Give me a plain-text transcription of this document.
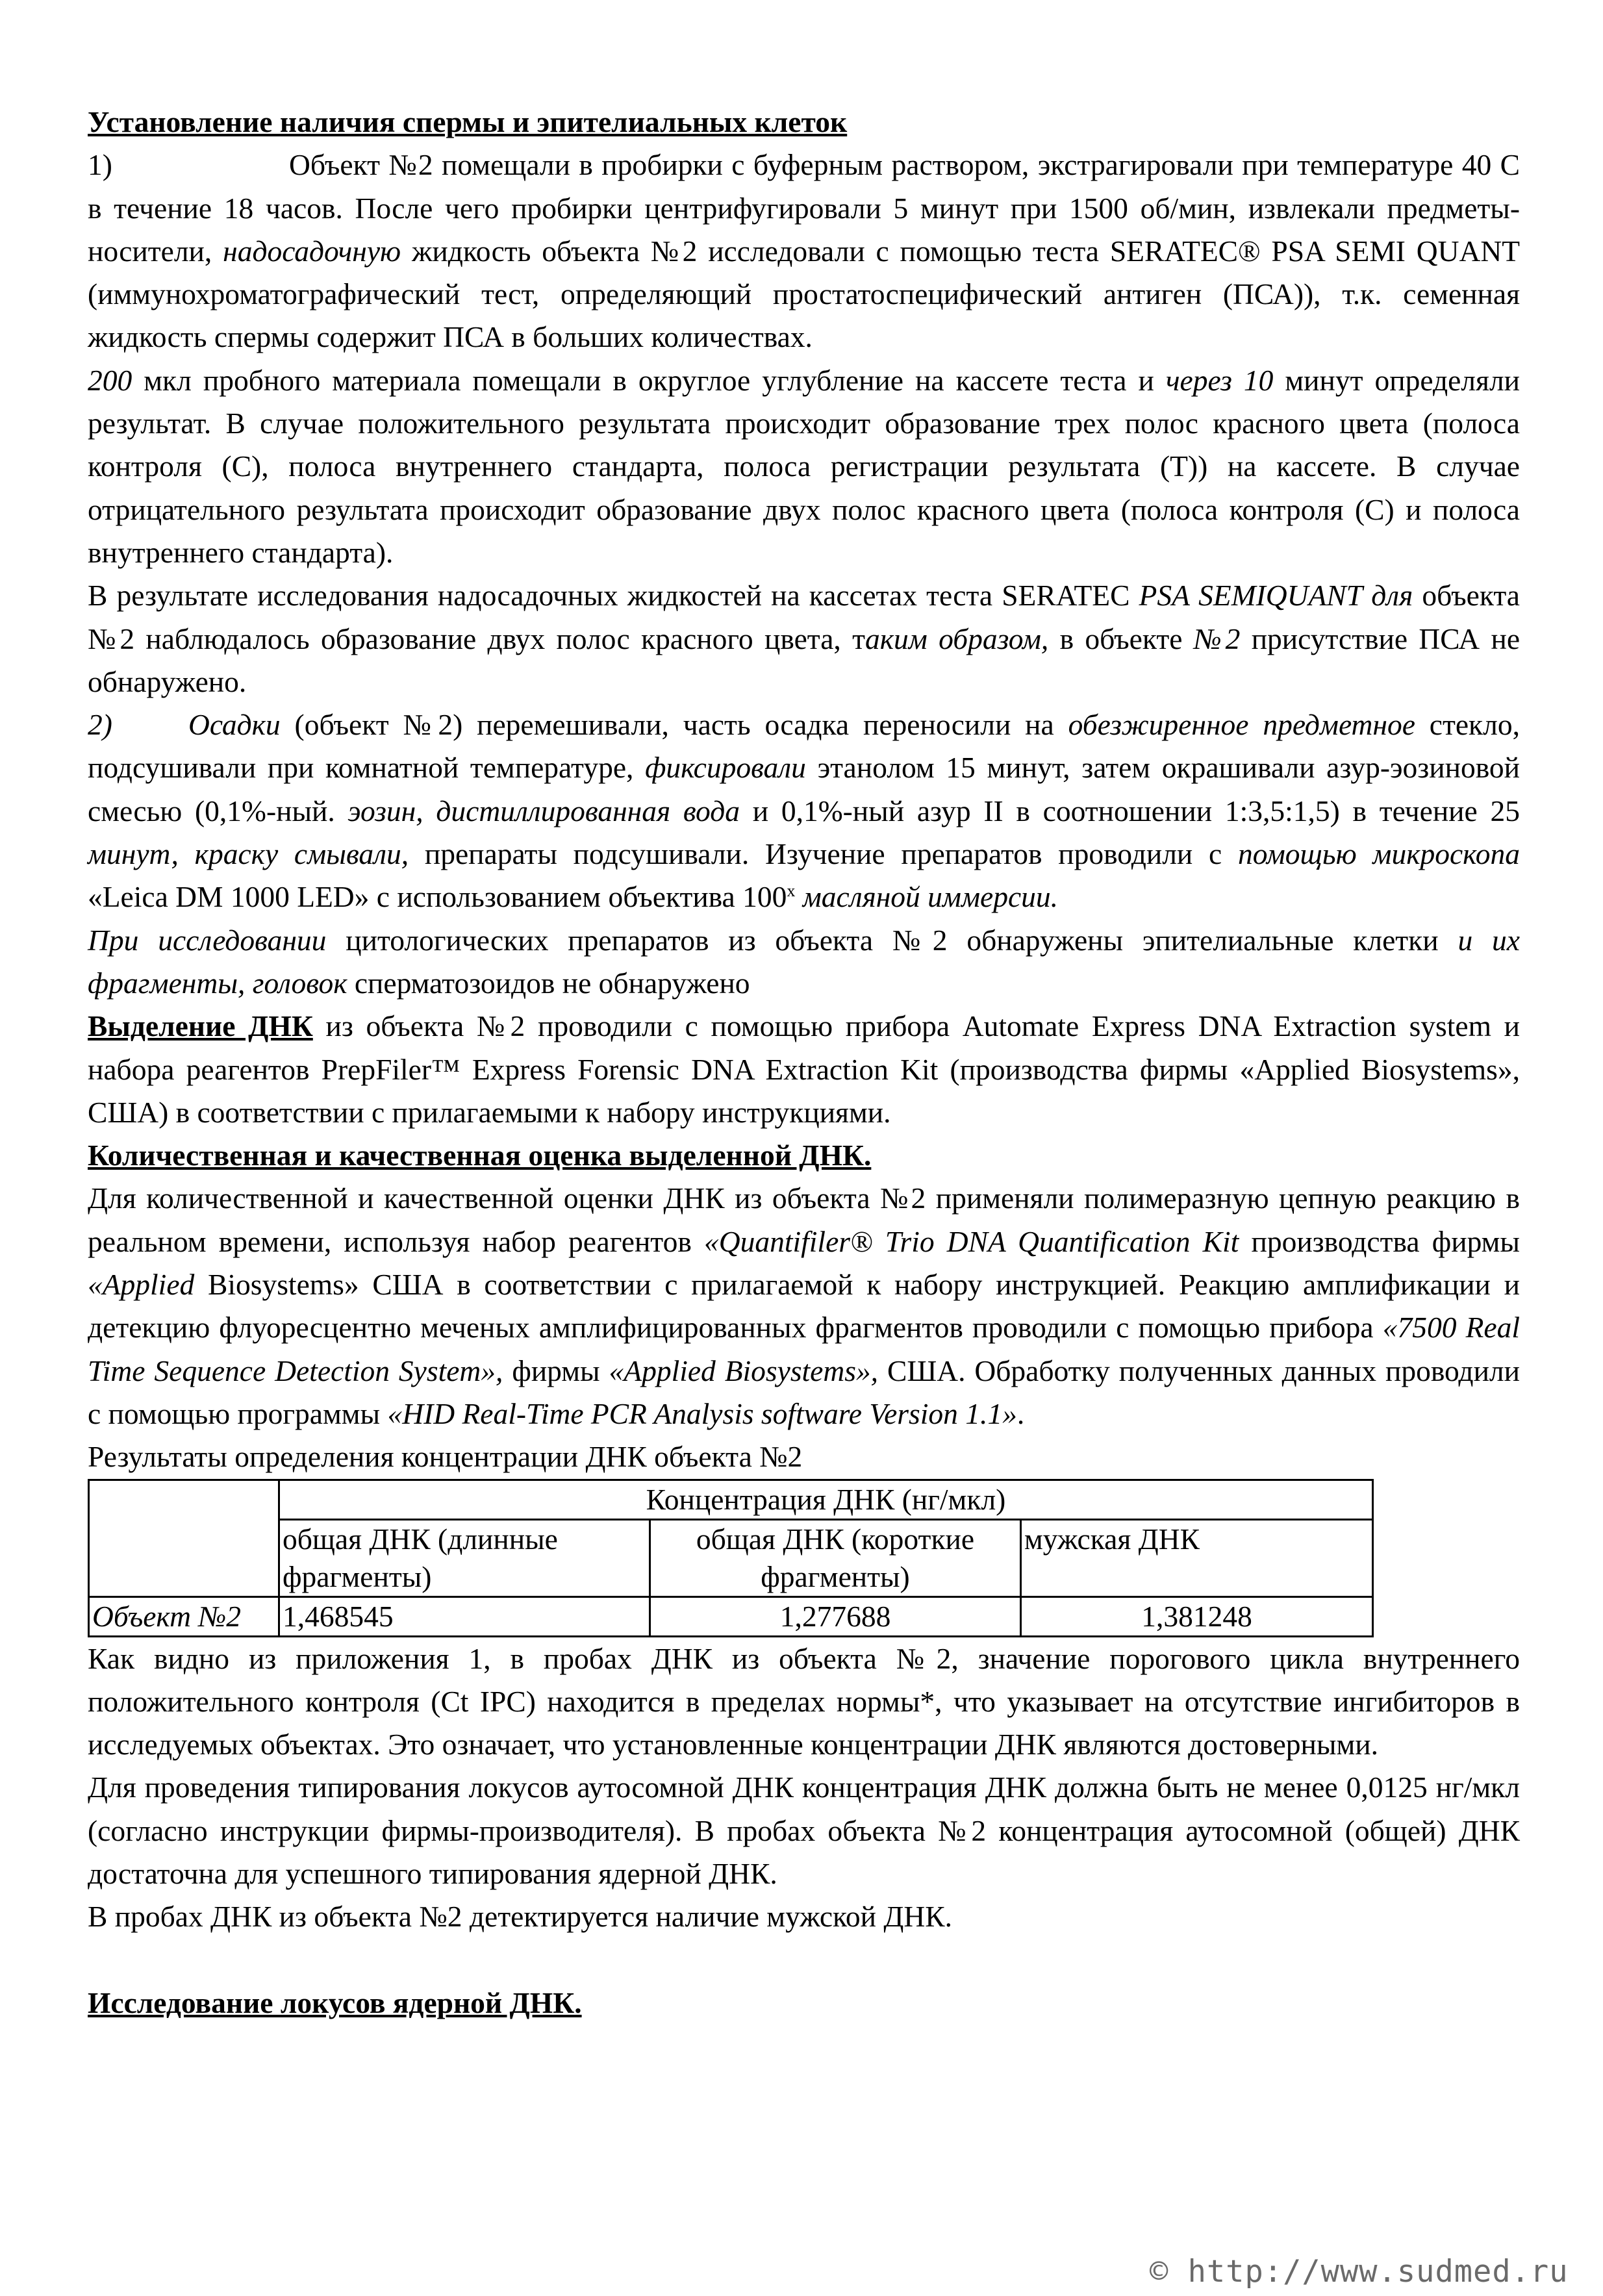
Установление наличия спермы и эпителиальных клеток

1)	Объект №2 помещали в пробирки с буферным раствором, экстрагировали при температуре 40 С в течение 18 часов. После чего пробирки центрифугировали 5 минут при 1500 об/мин, извлекали предметы-носители, надосадочную жидкость объекта №2 исследовали с помощью теста SERATEC® PSA SEMI QUANT (иммунохроматографический тест, определяющий простатоспецифический антиген (ПСА)), т.к. семенная жидкость спермы содержит ПСА в больших количествах.

200 мкл пробного материала помещали в округлое углубление на кассете теста и через 10 минут определяли результат. В случае положительного результата происходит образование трех полос красного цвета (полоса контроля (С), полоса внутреннего стандарта, полоса регистрации результата (Т)) на кассете. В случае отрицательного результата происходит образование двух полос красного цвета (полоса контроля (С) и полоса внутреннего стандарта).

В результате исследования надосадочных жидкостей на кассетах теста SERATEC PSA SEMIQUANT для объекта №2 наблюдалось образование двух полос красного цвета, таким образом, в объекте №2 присутствие ПСА не обнаружено.

2)	Осадки (объект №2) перемешивали, часть осадка переносили на обезжиренное предметное стекло, подсушивали при комнатной температуре, фиксировали этанолом 15 минут, затем окрашивали азур-эозиновой смесью (0,1%-ный. эозин, дистиллированная вода и 0,1%-ный азур II в соотношении 1:3,5:1,5) в течение 25 минут, краску смывали, препараты подсушивали. Изучение препаратов проводили с помощью микроскопа «Leica DM 1000 LED» с использованием объектива 100$^x$ масляной иммерсии.

При исследовании цитологических препаратов из объекта №2 обнаружены эпителиальные клетки и их фрагменты, головок сперматозоидов не обнаружено

Выделение ДНК из объекта №2 проводили с помощью прибора Automate Express DNA Extraction system и набора реагентов PrepFiler™ Express Forensic DNA Extraction Kit (производства фирмы «Applied Biosystems», США) в соответствии с прилагаемыми к набору инструкциями.

Количественная и качественная оценка выделенной ДНК.

Для количественной и качественной оценки ДНК из объекта №2 применяли полимеразную цепную реакцию в реальном времени, используя набор реагентов «Quantifiler® Trio DNA Quantification Kit производства фирмы «Applied Biosystems» США в соответствии с прилагаемой к набору инструкцией. Реакцию амплификации и детекцию флуоресцентно меченых амплифицированных фрагментов проводили с помощью прибора «7500 Real Time Sequence Detection System», фирмы «Applied Biosystems», США. Обработку полученных данных проводили с помощью программы «HID Real-Time PCR Analysis software Version 1.1».

Результаты определения концентрации ДНК объекта №2

	Концентрация ДНК (нг/мкл)		
	общая ДНК (длинные фрагменты)	общая ДНК (короткие фрагменты)	мужская ДНК
Объект №2	1,468545	1,277688	1,381248

Как видно из приложения 1, в пробах ДНК из объекта №2, значение порогового цикла внутреннего положительного контроля (Ct IPC) находится в пределах нормы*, что указывает на отсутствие ингибиторов в исследуемых объектах. Это означает, что установленные концентрации ДНК являются достоверными.

Для проведения типирования локусов аутосомной ДНК концентрация ДНК должна быть не менее 0,0125 нг/мкл (согласно инструкции фирмы-производителя). В пробах объекта №2 концентрация аутосомной (общей) ДНК достаточна для успешного типирования ядерной ДНК.

В пробах ДНК из объекта №2 детектируется наличие мужской ДНК.

Исследование локусов ядерной ДНК.

© http://www.sudmed.ru
